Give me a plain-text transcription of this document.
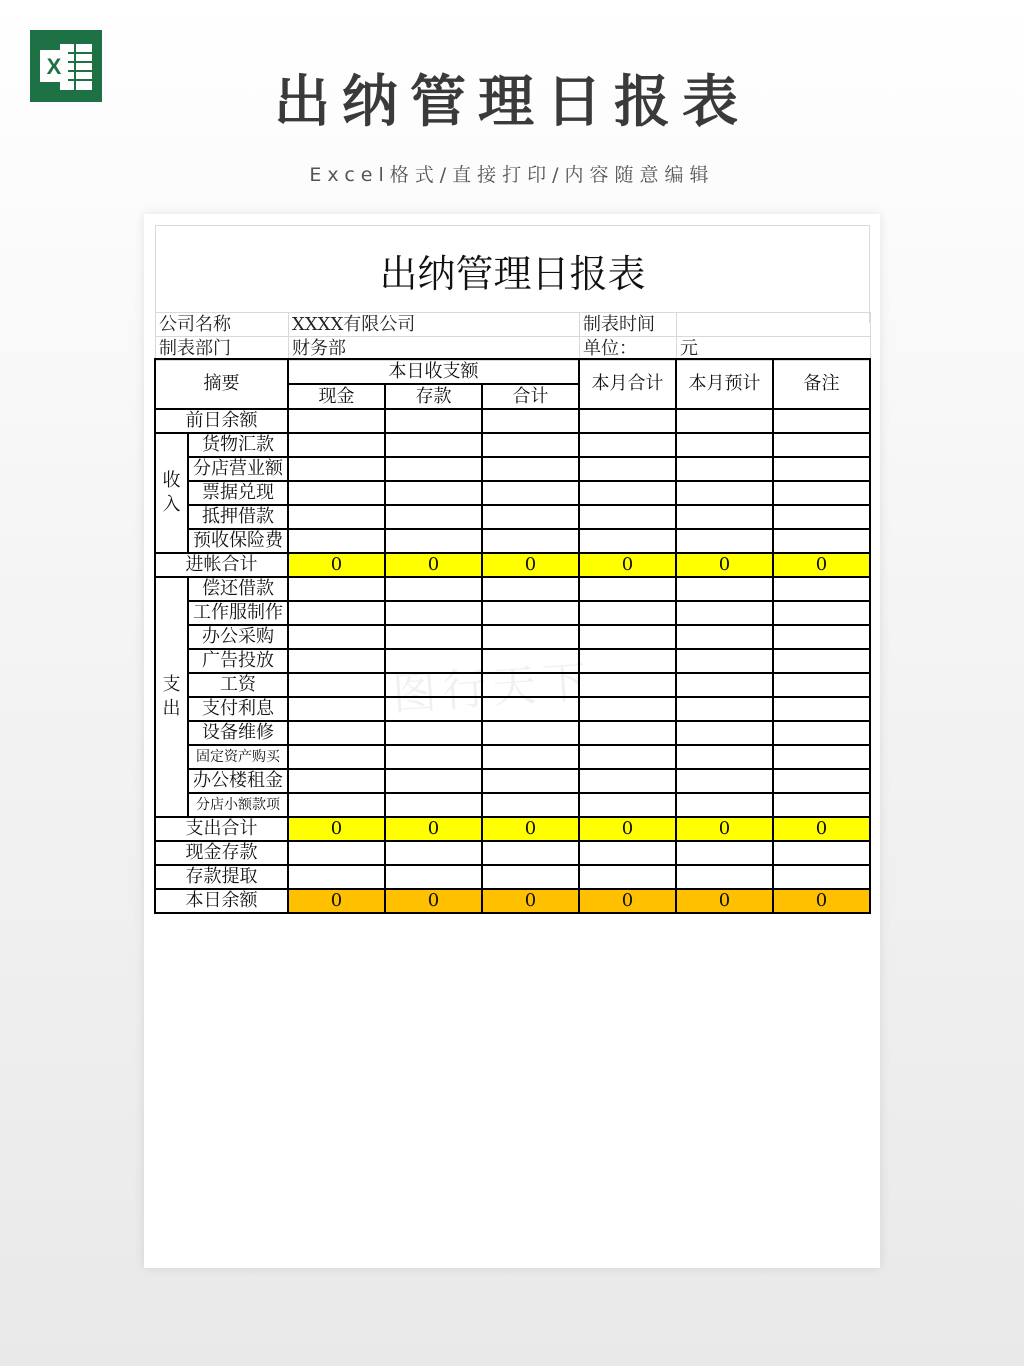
X
出纳管理日报表
Excel格式/直接打印/内容随意编辑
出纳管理日报表
公司名称	XXXX有限公司	制表时间	
制表部门	财务部	单位：	元
摘要		本日收支额			本月合计	本月预计	备注
		现金	存款	合计			
前日余额							
收入	货物汇款						
	分店营业额						
	票据兑现						
	抵押借款						
	预收保险费						
进帐合计		0	0	0	0	0	0
支出	偿还借款						
	工作服制作						
	办公采购						
	广告投放						
	工资						
	支付利息						
	设备维修						
	固定资产购买						
	办公楼租金						
	分店小额款项						
支出合计		0	0	0	0	0	0
现金存款							
存款提取							
本日余额		0	0	0	0	0	0
图行天下
